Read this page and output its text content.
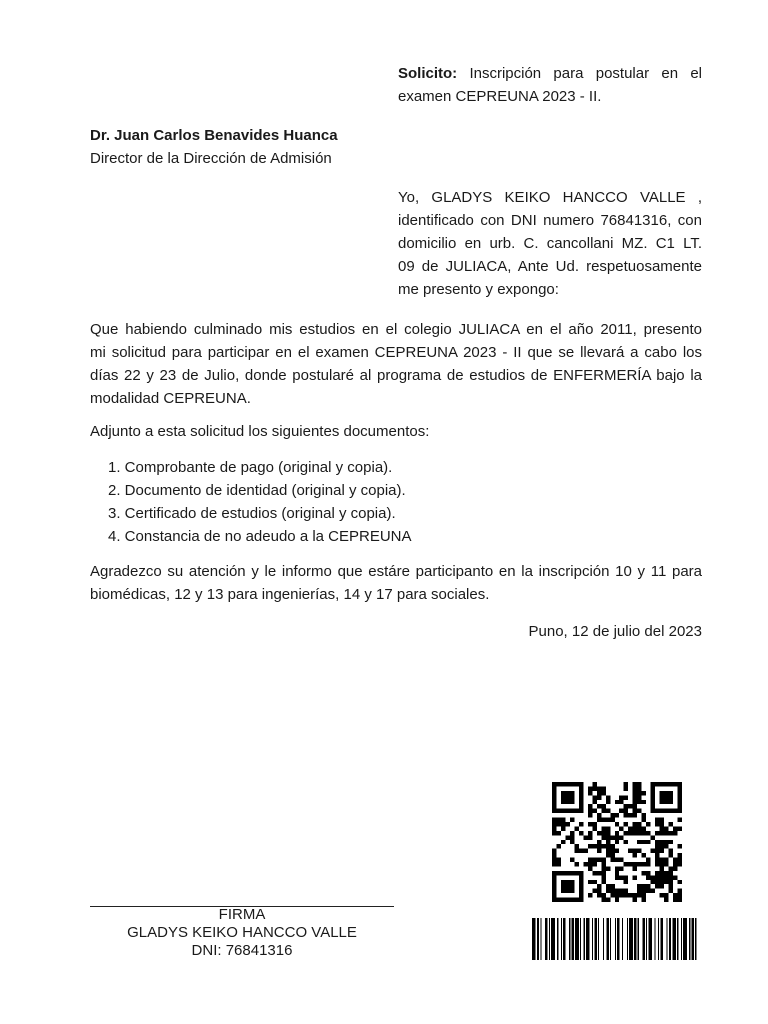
Solicito: Inscripción para postular en el
examen CEPREUNA 2023 - II.
Dr. Juan Carlos Benavides Huanca
Director de la Dirección de Admisión
Yo, GLADYS KEIKO HANCCO VALLE ,
identificado con DNI numero 76841316, con
domicilio en urb. C. cancollani MZ. C1 LT.
09 de JULIACA, Ante Ud. respetuosamente
me presento y expongo:
Que habiendo culminado mis estudios en el colegio JULIACA en el año 2011, presento
mi solicitud para participar en el examen CEPREUNA 2023 - II que se llevará a cabo los
días 22 y 23 de Julio, donde postularé al programa de estudios de ENFERMERÍA bajo la
modalidad CEPREUNA.
Adjunto a esta solicitud los siguientes documentos:
1. Comprobante de pago (original y copia).
2. Documento de identidad (original y copia).
3. Certificado de estudios (original y copia).
4. Constancia de no adeudo a la CEPREUNA
Agradezco su atención y le informo que estáre participanto en la inscripción 10 y 11 para
biomédicas, 12 y 13 para ingenierías, 14 y 17 para sociales.
Puno, 12 de julio del 2023
FIRMA
GLADYS KEIKO HANCCO VALLE
DNI: 76841316
